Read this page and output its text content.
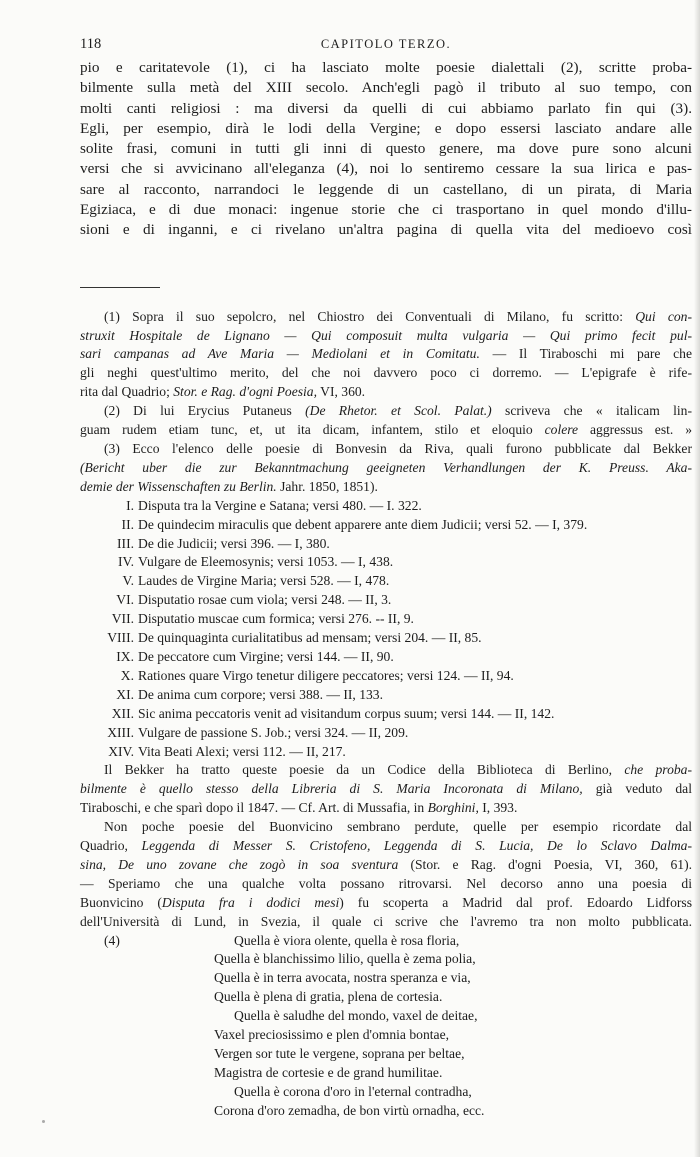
118	CAPITOLO TERZO.
pio e caritatevole (1), ci ha lasciato molte poesie dialettali (2), scritte proba-
bilmente sulla metà del XIII secolo. Anch'egli pagò il tributo al suo tempo, con
molti canti religiosi : ma diversi da quelli di cui abbiamo parlato fin qui (3).
Egli, per esempio, dirà le lodi della Vergine; e dopo essersi lasciato andare alle
solite frasi, comuni in tutti gli inni di questo genere, ma dove pure sono alcuni
versi che si avvicinano all'eleganza (4), noi lo sentiremo cessare la sua lirica e pas-
sare al racconto, narrandoci le leggende di un castellano, di un pirata, di Maria
Egiziaca, e di due monaci: ingenue storie che ci trasportano in quel mondo d'illu-
sioni e di inganni, e ci rivelano un'altra pagina di quella vita del medioevo così

(1) Sopra il suo sepolcro, nel Chiostro dei Conventuali di Milano, fu scritto: Qui con-
struxit Hospitale de Lignano — Qui composuit multa vulgaria — Qui primo fecit pul-
sari campanas ad Ave Maria — Mediolani et in Comitatu. — Il Tiraboschi mi pare che
gli neghi quest'ultimo merito, del che noi davvero poco ci dorremo. — L'epigrafe è rife-
rita dal Quadrio; Stor. e Rag. d'ogni Poesia, VI, 360.

(2) Di lui Erycius Putaneus (De Rhetor. et Scol. Palat.) scriveva che « italicam lin-
guam rudem etiam tunc, et, ut ita dicam, infantem, stilo et eloquio colere aggressus est. »

(3) Ecco l'elenco delle poesie di Bonvesin da Riva, quali furono pubblicate dal Bekker
(Bericht uber die zur Bekanntmachung geeigneten Verhandlungen der K. Preuss. Aka-
demie der Wissenschaften zu Berlin. Jahr. 1850, 1851).

I. Disputa tra la Vergine e Satana; versi 480. — I. 322.
II. De quindecim miraculis que debent apparere ante diem Judicii; versi 52. — I, 379.
III. De die Judicii; versi 396. — I, 380.
IV. Vulgare de Eleemosynis; versi 1053. — I, 438.
V. Laudes de Virgine Maria; versi 528. — I, 478.
VI. Disputatio rosae cum viola; versi 248. — II, 3.
VII. Disputatio muscae cum formica; versi 276. -- II, 9.
VIII. De quinquaginta curialitatibus ad mensam; versi 204. — II, 85.
IX. De peccatore cum Virgine; versi 144. — II, 90.
X. Rationes quare Virgo tenetur diligere peccatores; versi 124. — II, 94.
XI. De anima cum corpore; versi 388. — II, 133.
XII. Sic anima peccatoris venit ad visitandum corpus suum; versi 144. — II, 142.
XIII. Vulgare de passione S. Job.; versi 324. — II, 209.
XIV. Vita Beati Alexi; versi 112. — II, 217.

Il Bekker ha tratto queste poesie da un Codice della Biblioteca di Berlino, che proba-
bilmente è quello stesso della Libreria di S. Maria Incoronata di Milano, già veduto dal
Tiraboschi, e che sparì dopo il 1847. — Cf. Art. di Mussafia, in Borghini, I, 393.

Non poche poesie del Buonvicino sembrano perdute, quelle per esempio ricordate dal
Quadrio, Leggenda di Messer S. Cristofeno, Leggenda di S. Lucia, De lo Sclavo Dalma-
sina, De uno zovane che zogò in soa sventura (Stor. e Rag. d'ogni Poesia, VI, 360, 61).
— Speriamo che una qualche volta possano ritrovarsi. Nel decorso anno una poesia di
Buonvicino (Disputa fra i dodici mesi) fu scoperta a Madrid dal prof. Edoardo Lidforss
dell'Università di Lund, in Svezia, il quale ci scrive che l'avremo tra non molto pubblicata.

(4)	Quella è viora olente, quella è rosa floria,
Quella è blanchissimo lilio, quella è zema polia,
Quella è in terra avocata, nostra speranza e via,
Quella è plena di gratia, plena de cortesia.
Quella è saludhe del mondo, vaxel de deitae,
Vaxel preciosissimo e plen d'omnia bontae,
Vergen sor tute le vergene, soprana per beltae,
Magistra de cortesie e de grand humilitae.
Quella è corona d'oro in l'eternal contradha,
Corona d'oro zemadha, de bon virtù ornadha, ecc.
